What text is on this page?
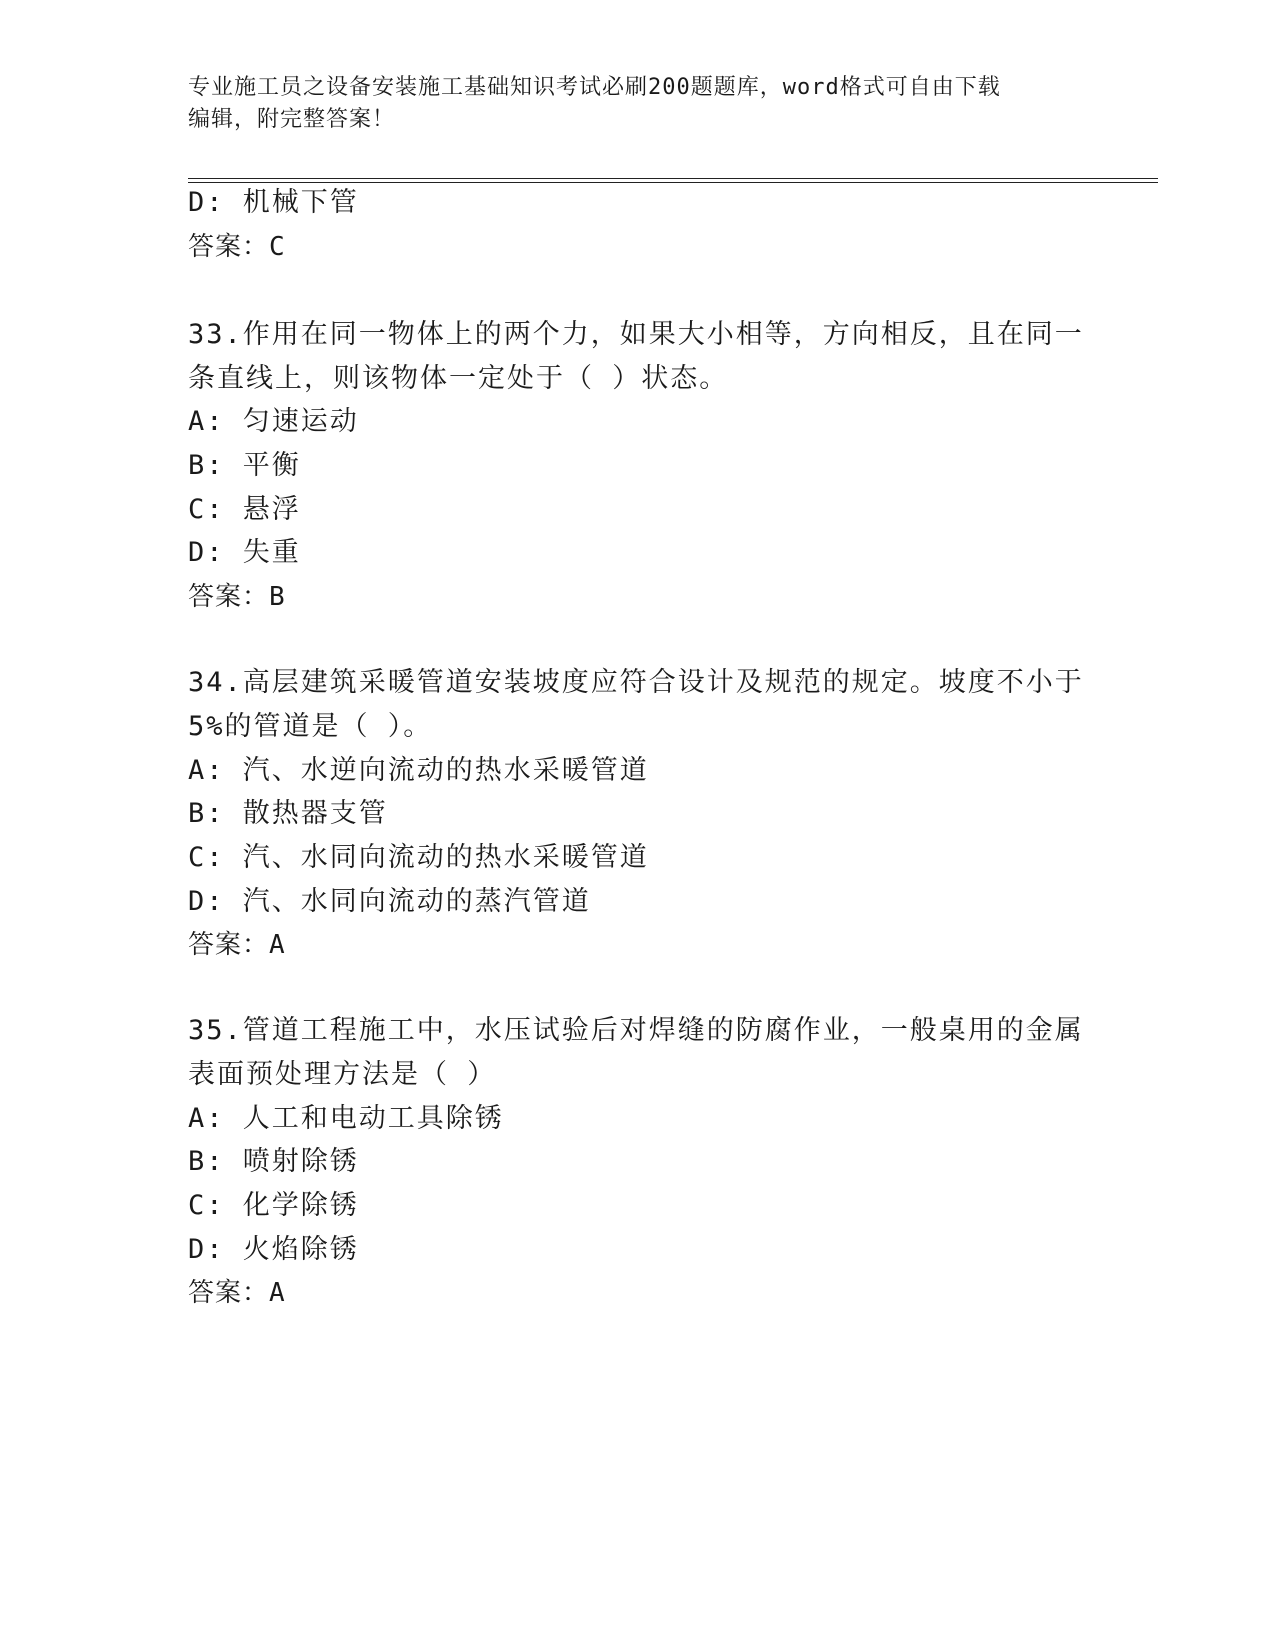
专业施工员之设备安装施工基础知识考试必刷200题题库，word格式可自由下载
编辑，附完整答案！
D: 机械下管
答案：C
33.作用在同一物体上的两个力，如果大小相等，方向相反，且在同一
条直线上，则该物体一定处于（ ）状态。
A: 匀速运动
B: 平衡
C: 悬浮
D: 失重
答案：B
34.高层建筑采暖管道安装坡度应符合设计及规范的规定。坡度不小于
5%的管道是（ ）。
A: 汽、水逆向流动的热水采暖管道
B: 散热器支管
C: 汽、水同向流动的热水采暖管道
D: 汽、水同向流动的蒸汽管道
答案：A
35.管道工程施工中，水压试验后对焊缝的防腐作业，一般桌用的金属
表面预处理方法是（ ）
A: 人工和电动工具除锈
B: 喷射除锈
C: 化学除锈
D: 火焰除锈
答案：A
